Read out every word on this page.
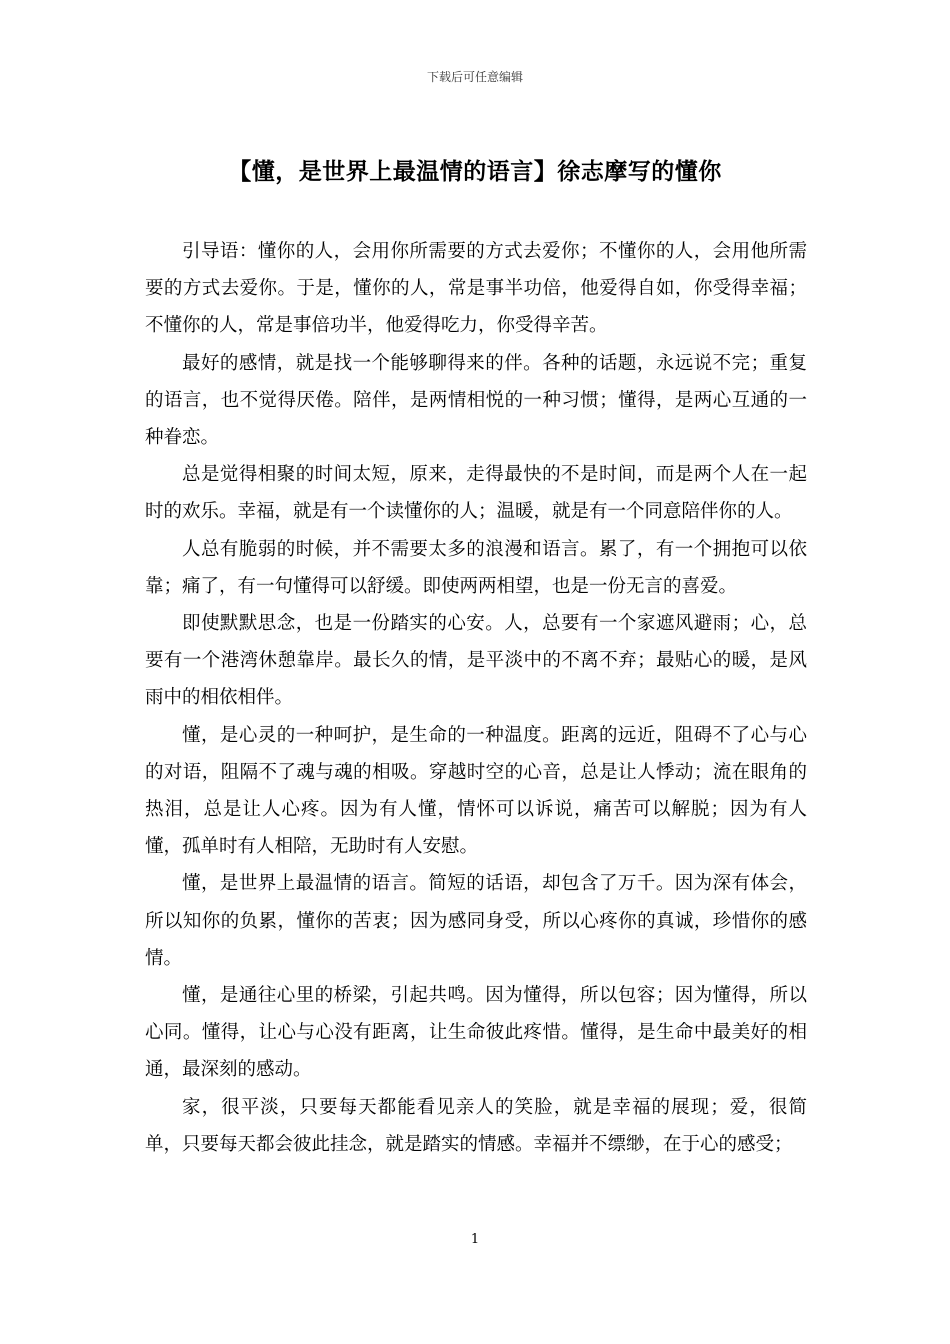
下载后可任意编辑
【懂，是世界上最温情的语言】徐志摩写的懂你

引导语：懂你的人，会用你所需要的方式去爱你；不懂你的人，会用他所需要的方式去爱你。于是，懂你的人，常是事半功倍，他爱得自如，你受得幸福；不懂你的人，常是事倍功半，他爱得吃力，你受得辛苦。

最好的感情，就是找一个能够聊得来的伴。各种的话题，永远说不完；重复的语言，也不觉得厌倦。陪伴，是两情相悦的一种习惯；懂得，是两心互通的一种眷恋。

总是觉得相聚的时间太短，原来，走得最快的不是时间，而是两个人在一起时的欢乐。幸福，就是有一个读懂你的人；温暖，就是有一个同意陪伴你的人。

人总有脆弱的时候，并不需要太多的浪漫和语言。累了，有一个拥抱可以依靠；痛了，有一句懂得可以舒缓。即使两两相望，也是一份无言的喜爱。

即使默默思念，也是一份踏实的心安。人，总要有一个家遮风避雨；心，总要有一个港湾休憩靠岸。最长久的情，是平淡中的不离不弃；最贴心的暖，是风雨中的相依相伴。

懂，是心灵的一种呵护，是生命的一种温度。距离的远近，阻碍不了心与心的对语，阻隔不了魂与魂的相吸。穿越时空的心音，总是让人悸动；流在眼角的热泪，总是让人心疼。因为有人懂，情怀可以诉说，痛苦可以解脱；因为有人懂，孤单时有人相陪，无助时有人安慰。

懂，是世界上最温情的语言。简短的话语，却包含了万千。因为深有体会，所以知你的负累，懂你的苦衷；因为感同身受，所以心疼你的真诚，珍惜你的感情。

懂，是通往心里的桥梁，引起共鸣。因为懂得，所以包容；因为懂得，所以心同。懂得，让心与心没有距离，让生命彼此疼惜。懂得，是生命中最美好的相通，最深刻的感动。

家，很平淡，只要每天都能看见亲人的笑脸，就是幸福的展现；爱，很简单，只要每天都会彼此挂念，就是踏实的情感。幸福并不缥缈，在于心的感受；

1
